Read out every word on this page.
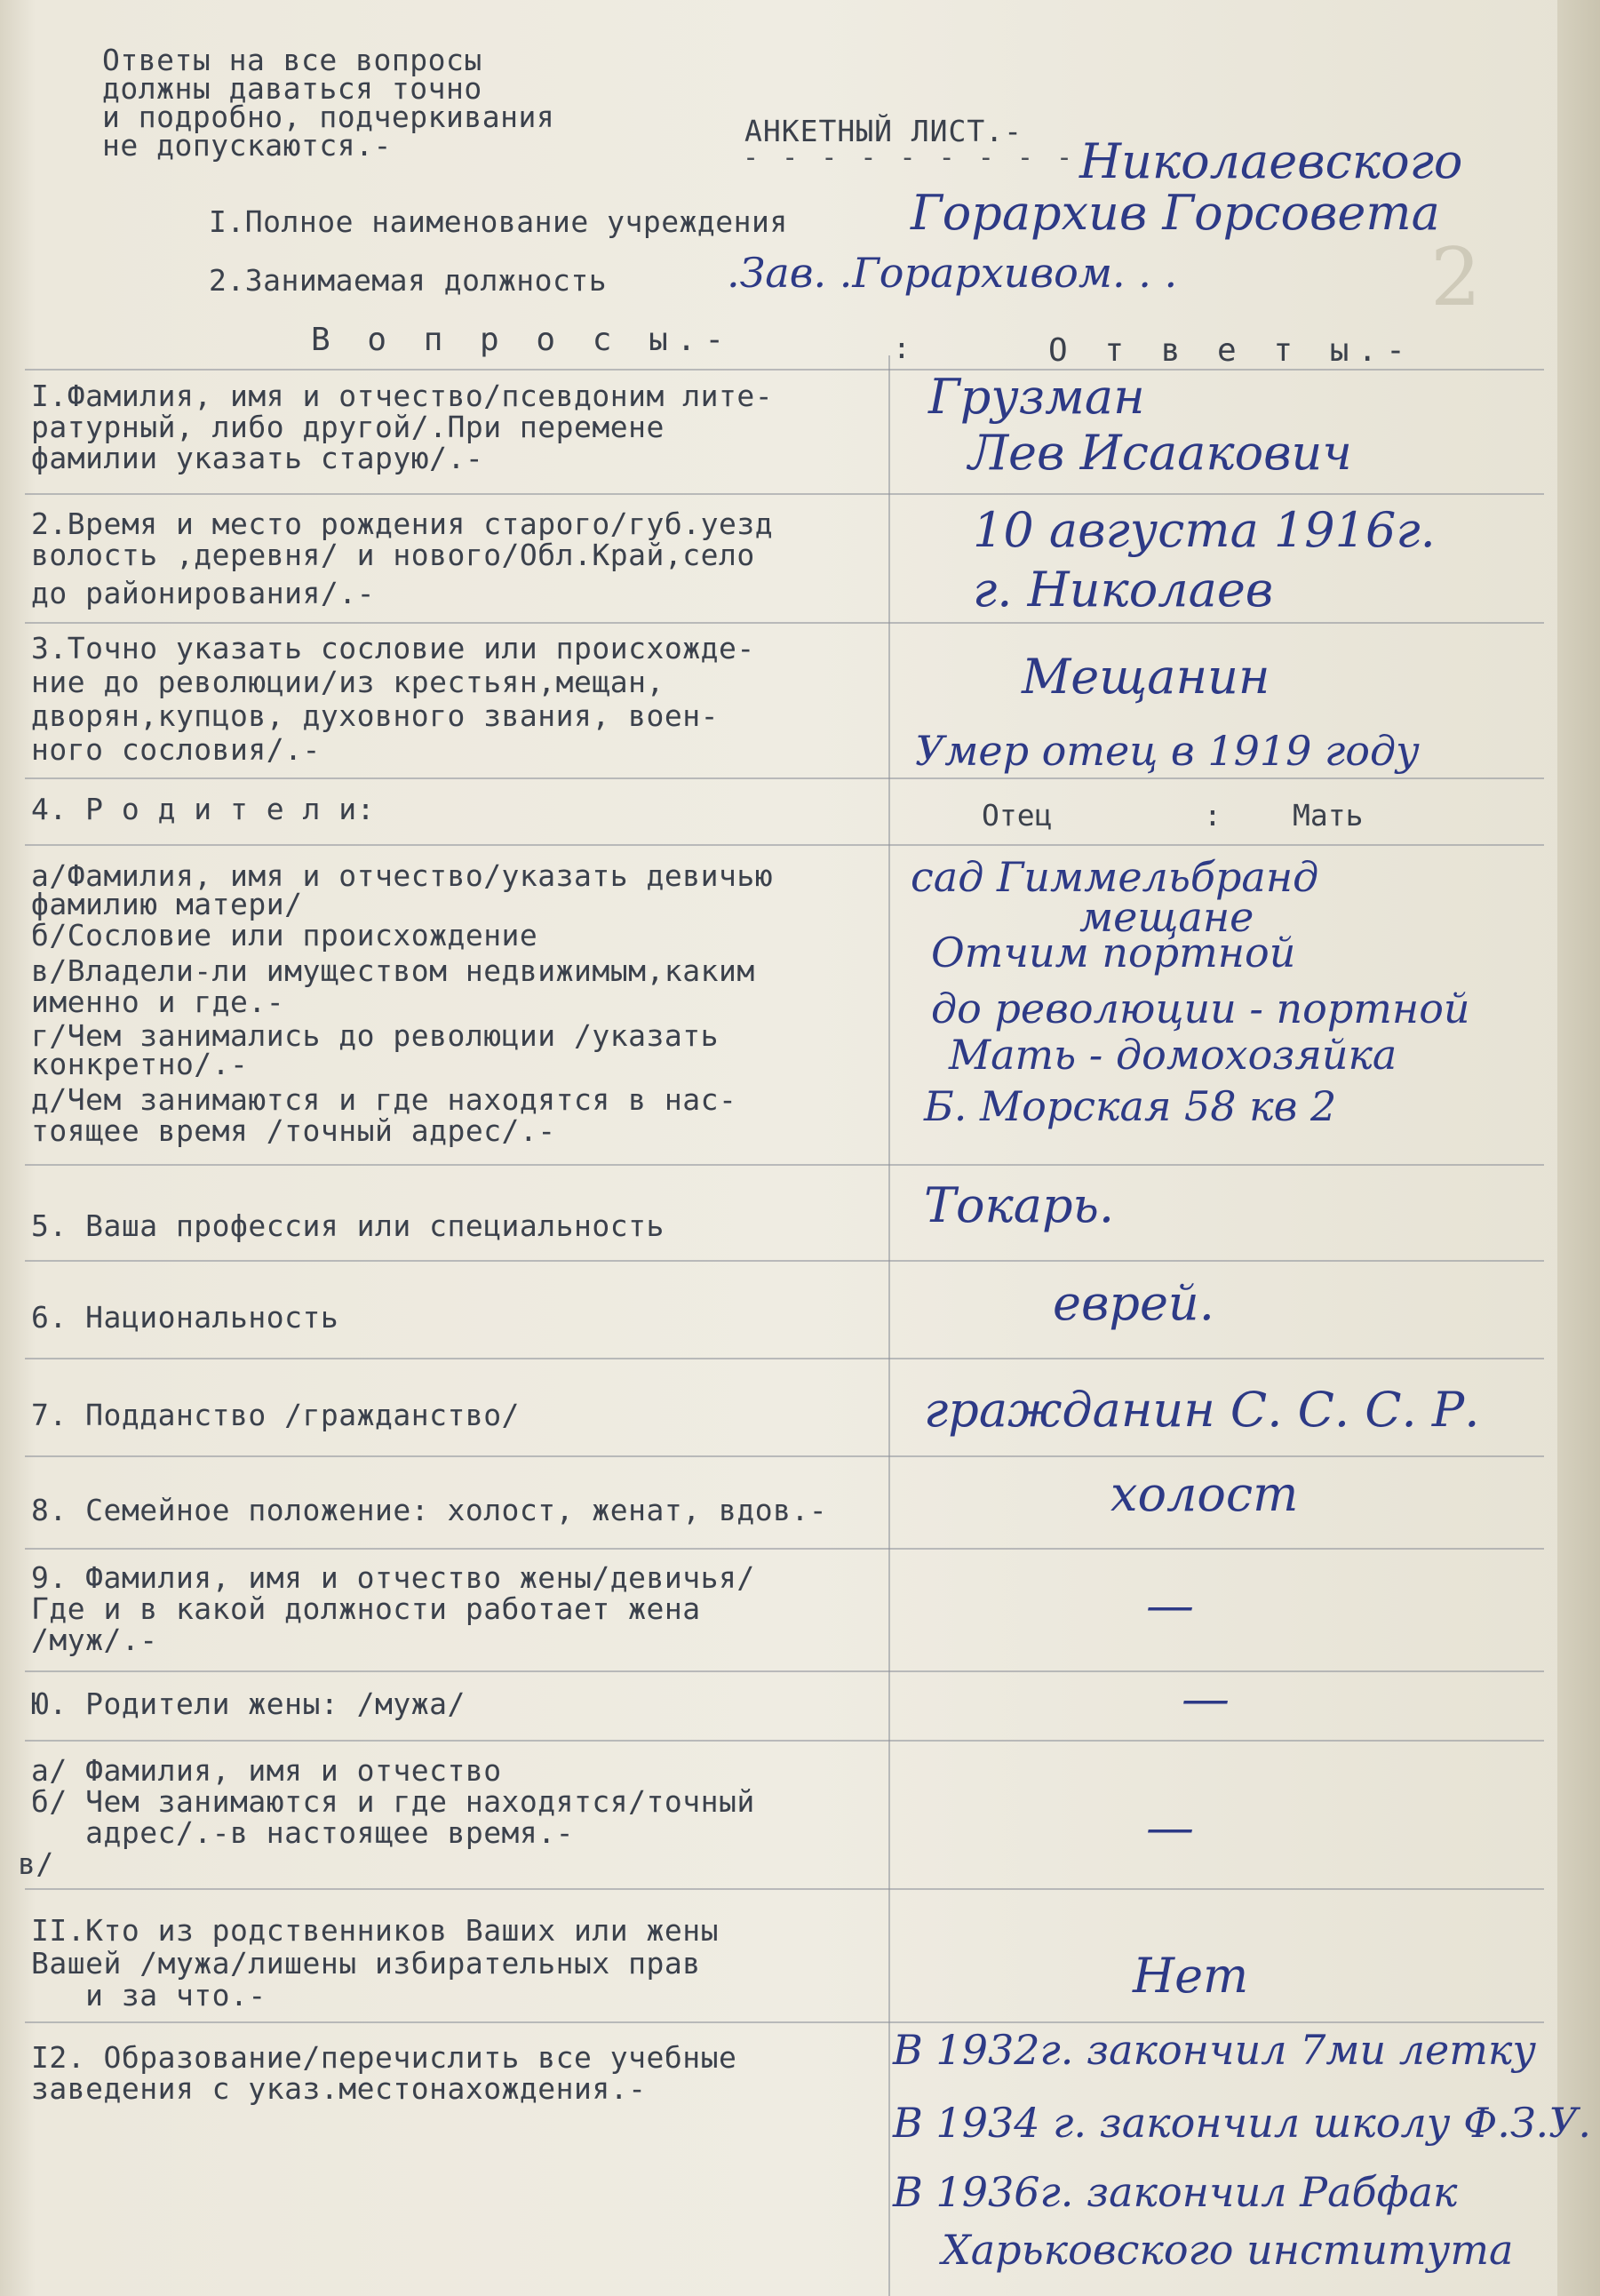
Ответы на все вопросы
должны даваться точно
и подробно, подчеркивания
не допускаются.-	АНКЕТНЫЙ ЛИСТ.-
- - - - - - - - - -
Николаевского
I.Полное наименование учреждения	Горархив Горсовета
2.Занимаемая должность	.Зав. .Горархивом. . .	2
В о п р о с ы.-	:	О т в е т ы.-
I.Фамилия, имя и отчество/псевдоним лите-
ратурный, либо другой/.При перемене
фамилии указать старую/.-
Грузман
Лев Исаакович
2.Время и место рождения старого/губ.уезд
волость ,деревня/ и нового/Обл.Край,село
до районирования/.-
10 августа 1916г.
г. Николаев
3.Точно указать сословие или происхожде-
ние до революции/из крестьян,мещан,
дворян,купцов, духовного звания, воен-
ного сословия/.-
Мещанин
Умер отец в 1919 году
4. Р о д и т е л и:	Отец	: Мать
а/Фамилия, имя и отчество/указать девичью
фамилию матери/
б/Сословие или происхождение
в/Владели-ли имуществом недвижимым,каким
именно и где.-
г/Чем занимались до революции /указать
конкретно/.-
д/Чем занимаются и где находятся в нас-
тоящее время /точный адрес/.-
сад Гиммельбранд
мещане
Отчим портной
до революции - портной
Мать - домохозяйка
Б. Морская 58 кв 2
5. Ваша профессия или специальность	Токарь.
6. Национальность	еврей.
7. Подданство /гражданство/	гражданин С. С. С. Р.
8. Семейное положение: холост, женат, вдов.-	холост
9. Фамилия, имя и отчество жены/девичья/
Где и в какой должности работает жена
/муж/.-
—
Ю. Родители жены: /мужа/	—
а/ Фамилия, имя и отчество
б/ Чем занимаются и где находятся/точный
адрес/.-в настоящее время.-
в/
—
II.Кто из родственников Ваших или жены
Вашей /мужа/лишены избирательных прав
и за что.-	Нет
I2. Образование/перечислить все учебные
заведения с указ.местонахождения.-
В 1932г. закончил 7ми летку
В 1934 г. закончил школу Ф.З.У.
В 1936г. закончил Рабфак
Харьковского института
